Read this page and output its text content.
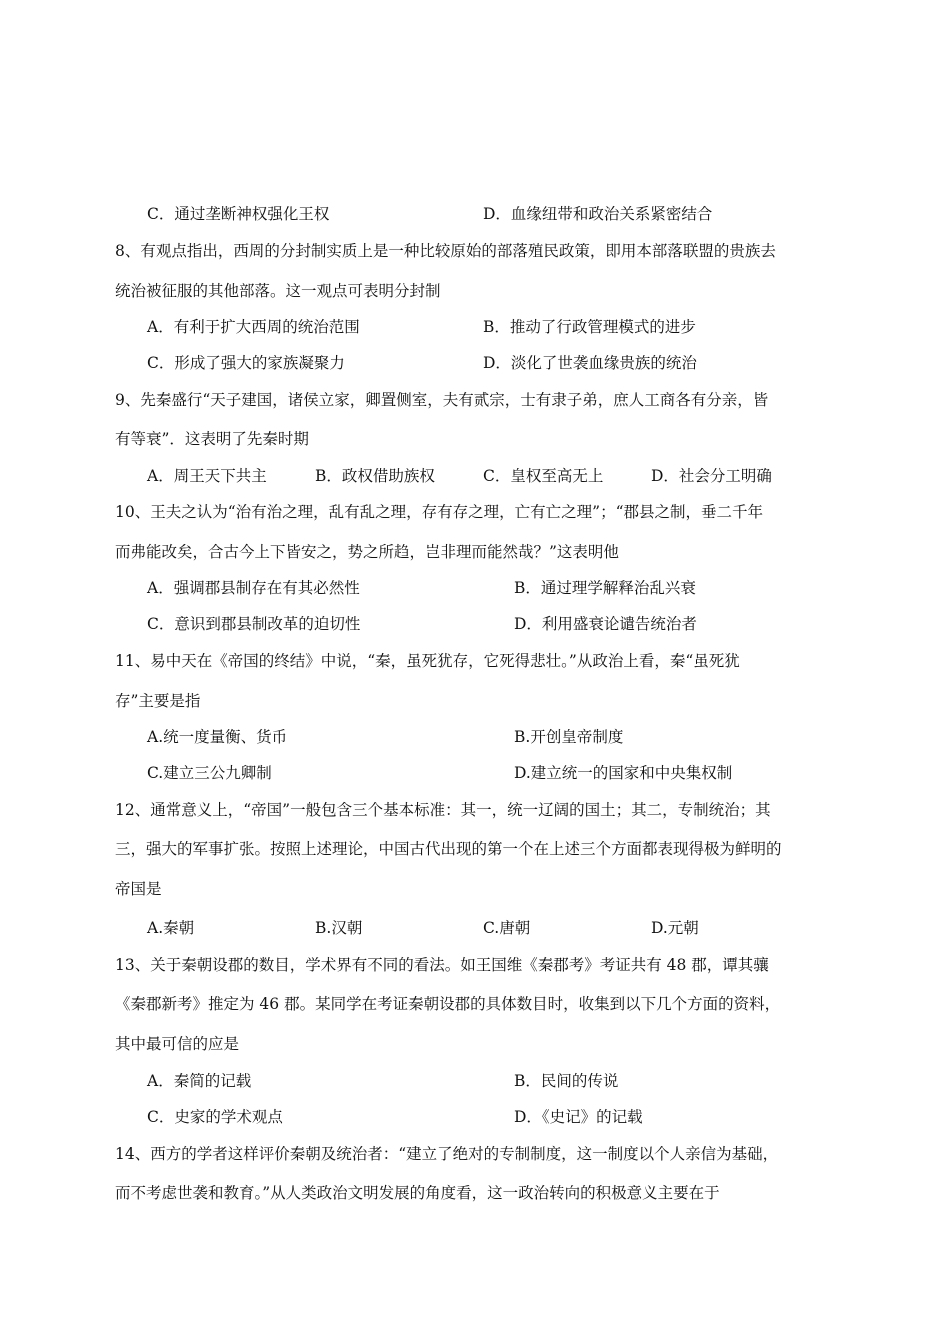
C．通过垄断神权强化王权	D．血缘纽带和政治关系紧密结合
8、有观点指出，西周的分封制实质上是一种比较原始的部落殖民政策，即用本部落联盟的贵族去
统治被征服的其他部落。这一观点可表明分封制
A．有利于扩大西周的统治范围	B．推动了行政管理模式的进步
C．形成了强大的家族凝聚力	D．淡化了世袭血缘贵族的统治
9、先秦盛行“天子建国，诸侯立家，卿置侧室，夫有贰宗，士有隶子弟，庶人工商各有分亲，皆
有等衰”．这表明了先秦时期
A．周王天下共主	B．政权借助族权	C．皇权至高无上	D．社会分工明确
10、王夫之认为“治有治之理，乱有乱之理，存有存之理，亡有亡之理”；“郡县之制，垂二千年
而弗能改矣，合古今上下皆安之，势之所趋，岂非理而能然哉？”这表明他
A．强调郡县制存在有其必然性	B．通过理学解释治乱兴衰
C．意识到郡县制改革的迫切性	D．利用盛衰论谴告统治者
11、易中天在《帝国的终结》中说，“秦，虽死犹存，它死得悲壮。”从政治上看，秦“虽死犹
存”主要是指
A.统一度量衡、货币	B.开创皇帝制度
C.建立三公九卿制	D.建立统一的国家和中央集权制
12、通常意义上，“帝国”一般包含三个基本标准：其一，统一辽阔的国土；其二，专制统治；其
三，强大的军事扩张。按照上述理论，中国古代出现的第一个在上述三个方面都表现得极为鲜明的
帝国是
A.秦朝	B.汉朝	C.唐朝	D.元朝
13、关于秦朝设郡的数目，学术界有不同的看法。如王国维《秦郡考》考证共有 48 郡，谭其骧
《秦郡新考》推定为 46 郡。某同学在考证秦朝设郡的具体数目时，收集到以下几个方面的资料，
其中最可信的应是
A．秦简的记载	B．民间的传说
C．史家的学术观点	D．《史记》的记载
14、西方的学者这样评价秦朝及统治者：“建立了绝对的专制制度，这一制度以个人亲信为基础，
而不考虑世袭和教育。”从人类政治文明发展的角度看，这一政治转向的积极意义主要在于
